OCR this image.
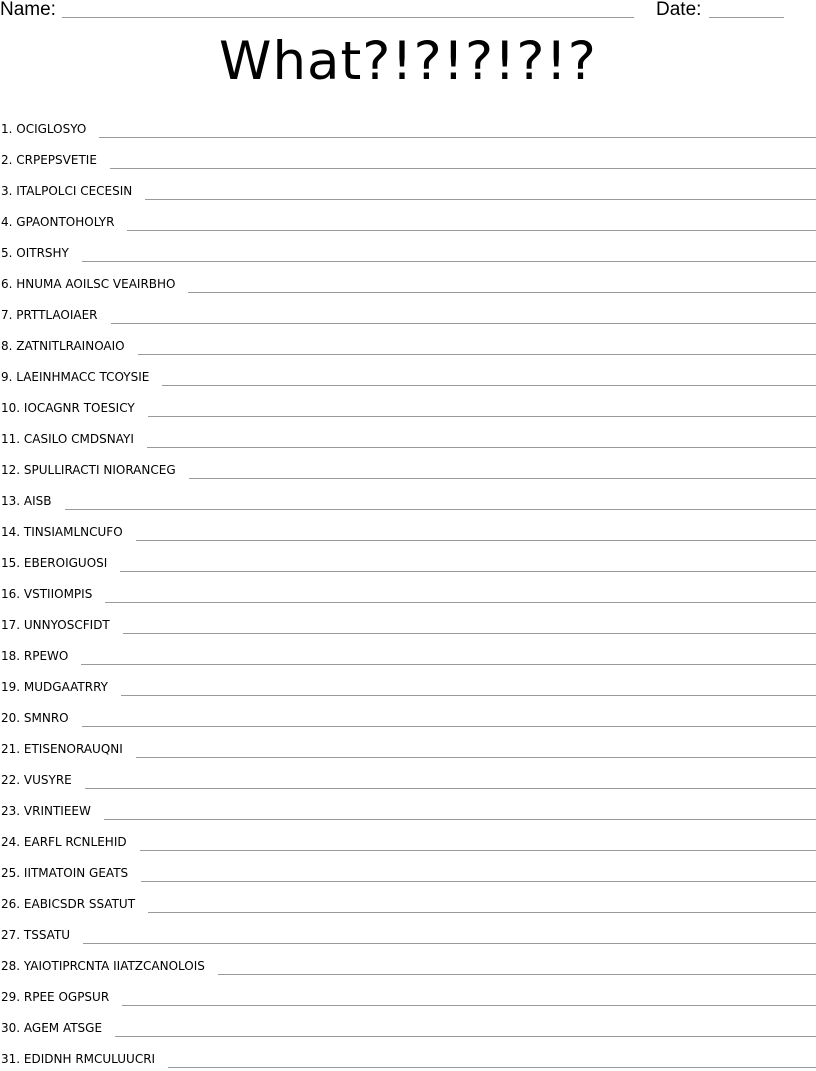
Name:	Date:
What?!?!?!?!?
1. OCIGLOSYO
2. CRPEPSVETIE
3. ITALPOLCI CECESIN
4. GPAONTOHOLYR
5. OITRSHY
6. HNUMA AOILSC VEAIRBHO
7. PRTTLAOIAER
8. ZATNITLRAINOAIO
9. LAEINHMACC TCOYSIE
10. IOCAGNR TOESICY
11. CASILO CMDSNAYI
12. SPULLIRACTI NIORANCEG
13. AISB
14. TINSIAMLNCUFO
15. EBEROIGUOSI
16. VSTIIOMPIS
17. UNNYOSCFIDT
18. RPEWO
19. MUDGAATRRY
20. SMNRO
21. ETISENORAUQNI
22. VUSYRE
23. VRINTIEEW
24. EARFL RCNLEHID
25. IITMATOIN GEATS
26. EABICSDR SSATUT
27. TSSATU
28. YAIOTIPRCNTA IIATZCANOLOIS
29. RPEE OGPSUR
30. AGEM ATSGE
31. EDIDNH RMCULUUCRI
